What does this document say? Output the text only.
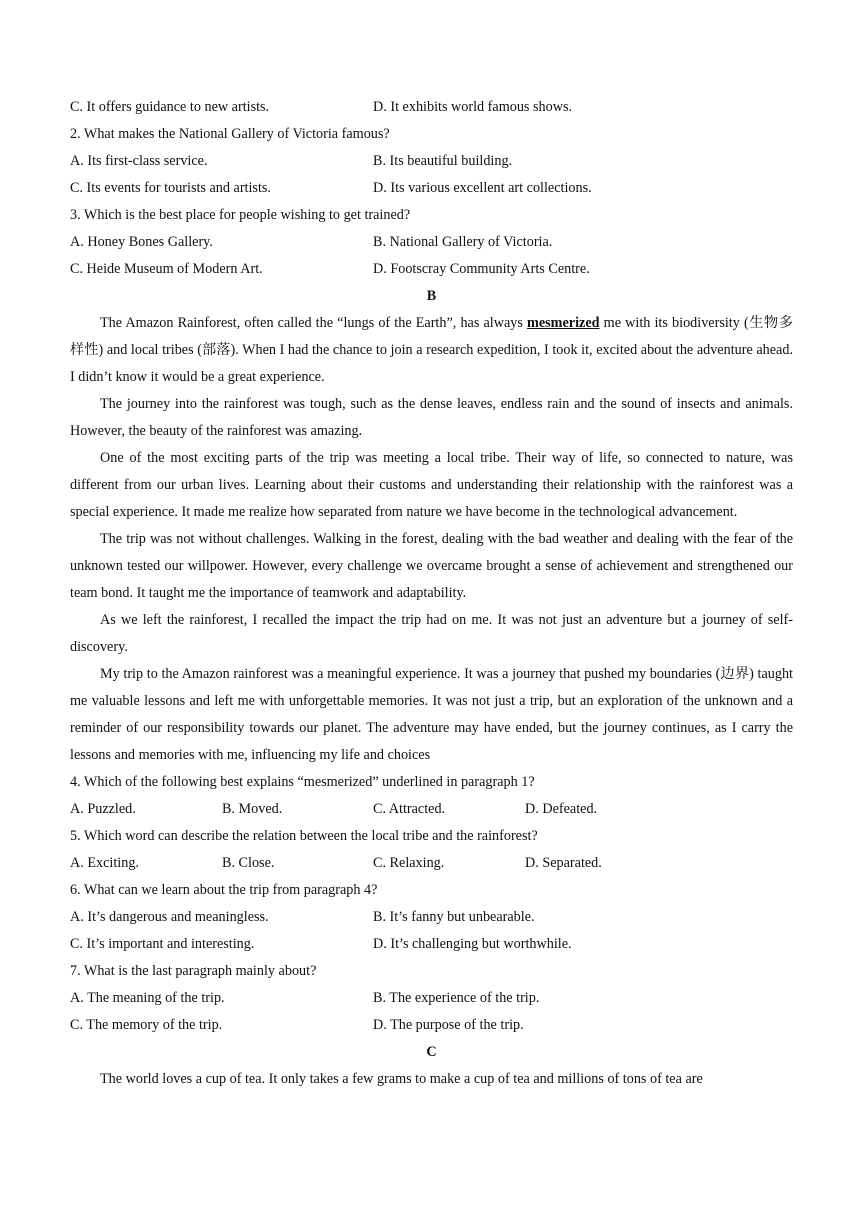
C. It offers guidance to new artists.	D. It exhibits world famous shows.

2. What makes the National Gallery of Victoria famous?

A. Its first-class service.	B. Its beautiful building.
C. Its events for tourists and artists.	D. Its various excellent art collections.

3. Which is the best place for people wishing to get trained?

A. Honey Bones Gallery.	B. National Gallery of Victoria.
C. Heide Museum of Modern Art.	D. Footscray Community Arts Centre.

B

The Amazon Rainforest, often called the “lungs of the Earth”, has always mesmerized me with its biodiversity (生物多样性) and local tribes (部落). When I had the chance to join a research expedition, I took it, excited about the adventure ahead. I didn’t know it would be a great experience.

The journey into the rainforest was tough, such as the dense leaves, endless rain and the sound of insects and animals. However, the beauty of the rainforest was amazing.

One of the most exciting parts of the trip was meeting a local tribe. Their way of life, so connected to nature, was different from our urban lives. Learning about their customs and understanding their relationship with the rainforest was a special experience. It made me realize how separated from nature we have become in the technological advancement.

The trip was not without challenges. Walking in the forest, dealing with the bad weather and dealing with the fear of the unknown tested our willpower. However, every challenge we overcame brought a sense of achievement and strengthened our team bond. It taught me the importance of teamwork and adaptability.

As we left the rainforest, I recalled the impact the trip had on me. It was not just an adventure but a journey of self-discovery.

My trip to the Amazon rainforest was a meaningful experience. It was a journey that pushed my boundaries (边界) taught me valuable lessons and left me with unforgettable memories. It was not just a trip, but an exploration of the unknown and a reminder of our responsibility towards our planet. The adventure may have ended, but the journey continues, as I carry the lessons and memories with me, influencing my life and choices

4. Which of the following best explains “mesmerized” underlined in paragraph 1?

A. Puzzled.	B. Moved.	C. Attracted.	D. Defeated.

5. Which word can describe the relation between the local tribe and the rainforest?

A. Exciting.	B. Close.	C. Relaxing.	D. Separated.

6. What can we learn about the trip from paragraph 4?

A. It’s dangerous and meaningless.	B. It’s fanny but unbearable.
C. It’s important and interesting.	D. It’s challenging but worthwhile.

7. What is the last paragraph mainly about?

A. The meaning of the trip.	B. The experience of the trip.
C. The memory of the trip.	D. The purpose of the trip.

C

The world loves a cup of tea. It only takes a few grams to make a cup of tea and millions of tons of tea are
